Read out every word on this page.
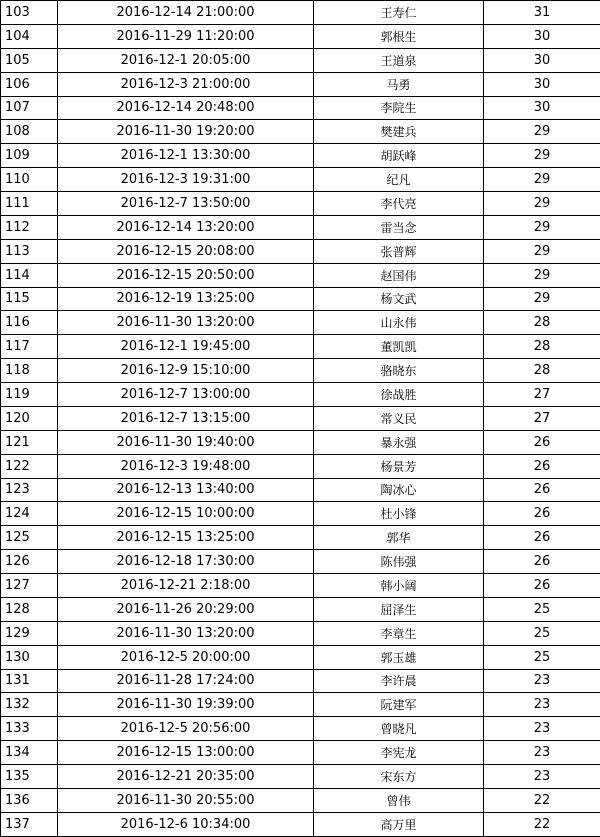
103	2016-12-14 21:00:00	王寿仁	31
104	2016-11-29 11:20:00	郭根生	30
105	2016-12-1 20:05:00	王道泉	30
106	2016-12-3 21:00:00	马勇	30
107	2016-12-14 20:48:00	李院生	30
108	2016-11-30 19:20:00	樊建兵	29
109	2016-12-1 13:30:00	胡跃峰	29
110	2016-12-3 19:31:00	纪凡	29
111	2016-12-7 13:50:00	李代亮	29
112	2016-12-14 13:20:00	雷当念	29
113	2016-12-15 20:08:00	张普辉	29
114	2016-12-15 20:50:00	赵国伟	29
115	2016-12-19 13:25:00	杨文武	29
116	2016-11-30 13:20:00	山永伟	28
117	2016-12-1 19:45:00	董凯凯	28
118	2016-12-9 15:10:00	骆晓东	28
119	2016-12-7 13:00:00	徐战胜	27
120	2016-12-7 13:15:00	常义民	27
121	2016-11-30 19:40:00	暴永强	26
122	2016-12-3 19:48:00	杨景芳	26
123	2016-12-13 13:40:00	陶冰心	26
124	2016-12-15 10:00:00	杜小锋	26
125	2016-12-15 13:25:00	郭华	26
126	2016-12-18 17:30:00	陈伟强	26
127	2016-12-21 2:18:00	韩小阔	26
128	2016-11-26 20:29:00	屈泽生	25
129	2016-11-30 13:20:00	李章生	25
130	2016-12-5 20:00:00	郭玉雄	25
131	2016-11-28 17:24:00	李许晨	23
132	2016-11-30 19:39:00	阮建军	23
133	2016-12-5 20:56:00	曾晓凡	23
134	2016-12-15 13:00:00	李宪龙	23
135	2016-12-21 20:35:00	宋东方	23
136	2016-11-30 20:55:00	曾伟	22
137	2016-12-6 10:34:00	高万里	22
